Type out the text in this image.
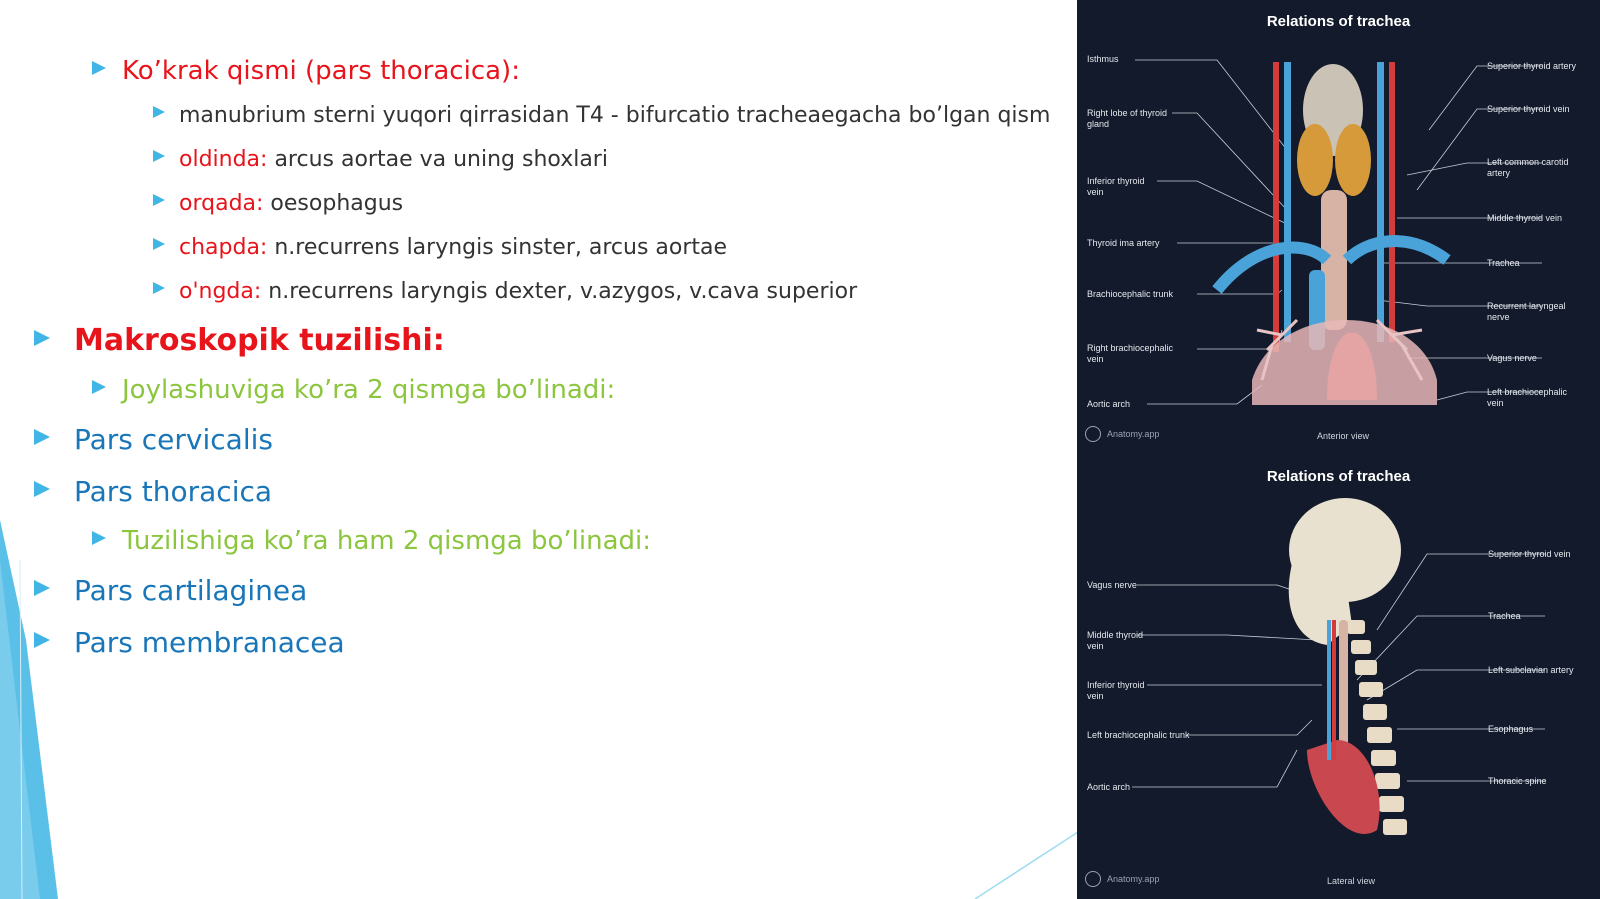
Ko’krak qismi (pars thoracica):
manubrium sterni yuqori qirrasidan T4 - bifurcatio tracheaegacha bo’lgan qism
oldinda: arcus aortae va uning shoxlari
orqada: oesophagus
chapda: n.recurrens laryngis sinster, arcus aortae
o'ngda: n.recurrens laryngis dexter, v.azygos, v.cava superior
Makroskopik tuzilishi:
Joylashuviga ko’ra 2 qismga bo’linadi:
Pars cervicalis
Pars thoracica
Tuzilishiga ko’ra ham 2 qismga bo’linadi:
Pars cartilaginea
Pars membranacea
Relations of trachea
Isthmus
Right lobe of thyroid gland
Inferior thyroid vein
Thyroid ima artery
Brachiocephalic trunk
Right brachiocephalic vein
Aortic arch
Superior thyroid artery
Superior thyroid vein
Left common carotid artery
Middle thyroid vein
Trachea
Recurrent laryngeal nerve
Vagus nerve
Left brachiocephalic vein
Anatomy.app	Anterior view
Relations of trachea
Vagus nerve
Middle thyroid vein
Inferior thyroid vein
Left brachiocephalic trunk
Aortic arch
Superior thyroid vein
Trachea
Left subclavian artery
Esophagus
Thoracic spine
Anatomy.app	Lateral view
